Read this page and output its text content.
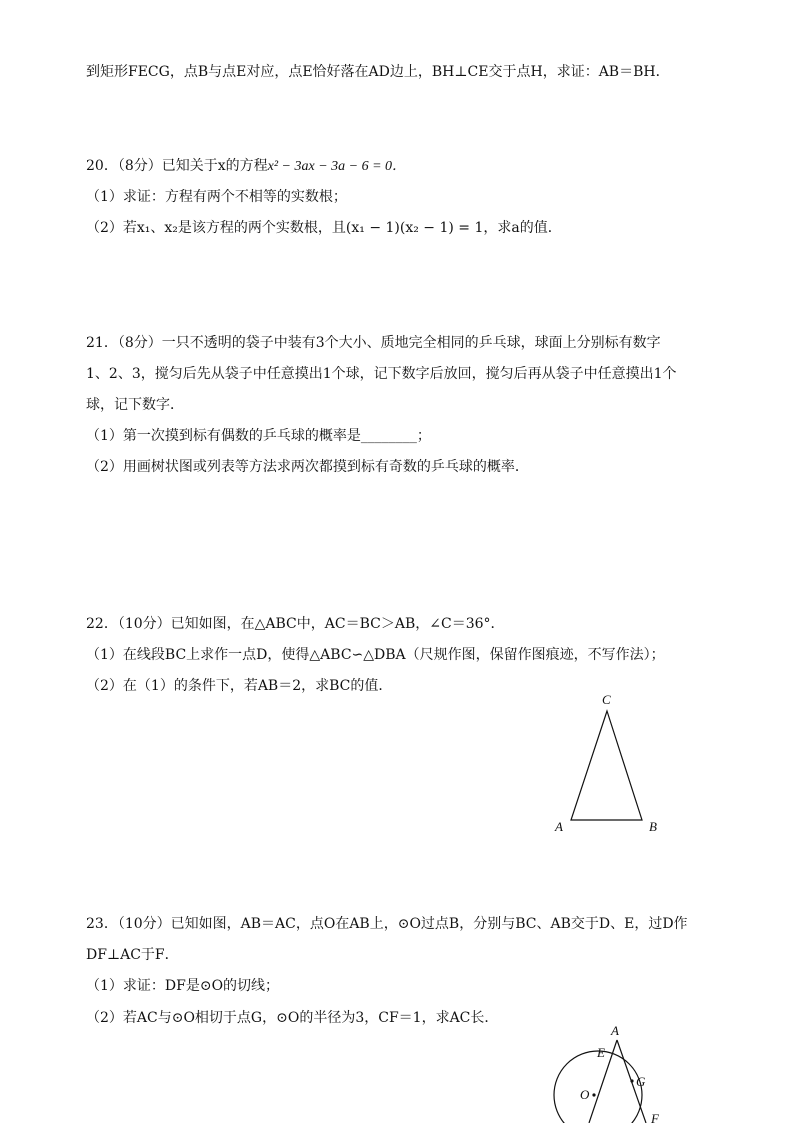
到矩形FECG，点B与点E对应，点E恰好落在AD边上，BH⊥CE交于点H，求证：AB＝BH．
20．（8分）已知关于x的方程x² − 3ax − 3a − 6 = 0．
（1）求证：方程有两个不相等的实数根；
（2）若x₁、x₂是该方程的两个实数根，且(x₁ − 1)(x₂ − 1) = 1，求a的值．
21．（8分）一只不透明的袋子中装有3个大小、质地完全相同的乒乓球，球面上分别标有数字
1、2、3，搅匀后先从袋子中任意摸出1个球，记下数字后放回，搅匀后再从袋子中任意摸出1个
球，记下数字．
（1）第一次摸到标有偶数的乒乓球的概率是________；
（2）用画树状图或列表等方法求两次都摸到标有奇数的乒乓球的概率．
22．（10分）已知如图，在△ABC中，AC＝BC＞AB，∠C＝36°．
（1）在线段BC上求作一点D，使得△ABC∽△DBA（尺规作图，保留作图痕迹，不写作法）；
（2）在（1）的条件下，若AB＝2，求BC的值．
C
A	B
23．（10分）已知如图，AB＝AC，点O在AB上，⊙O过点B，分别与BC、AB交于D、E，过D作
DF⊥AC于F．
（1）求证：DF是⊙O的切线；
（2）若AC与⊙O相切于点G，⊙O的半径为3，CF＝1，求AC长．
A
E
G
O
F
